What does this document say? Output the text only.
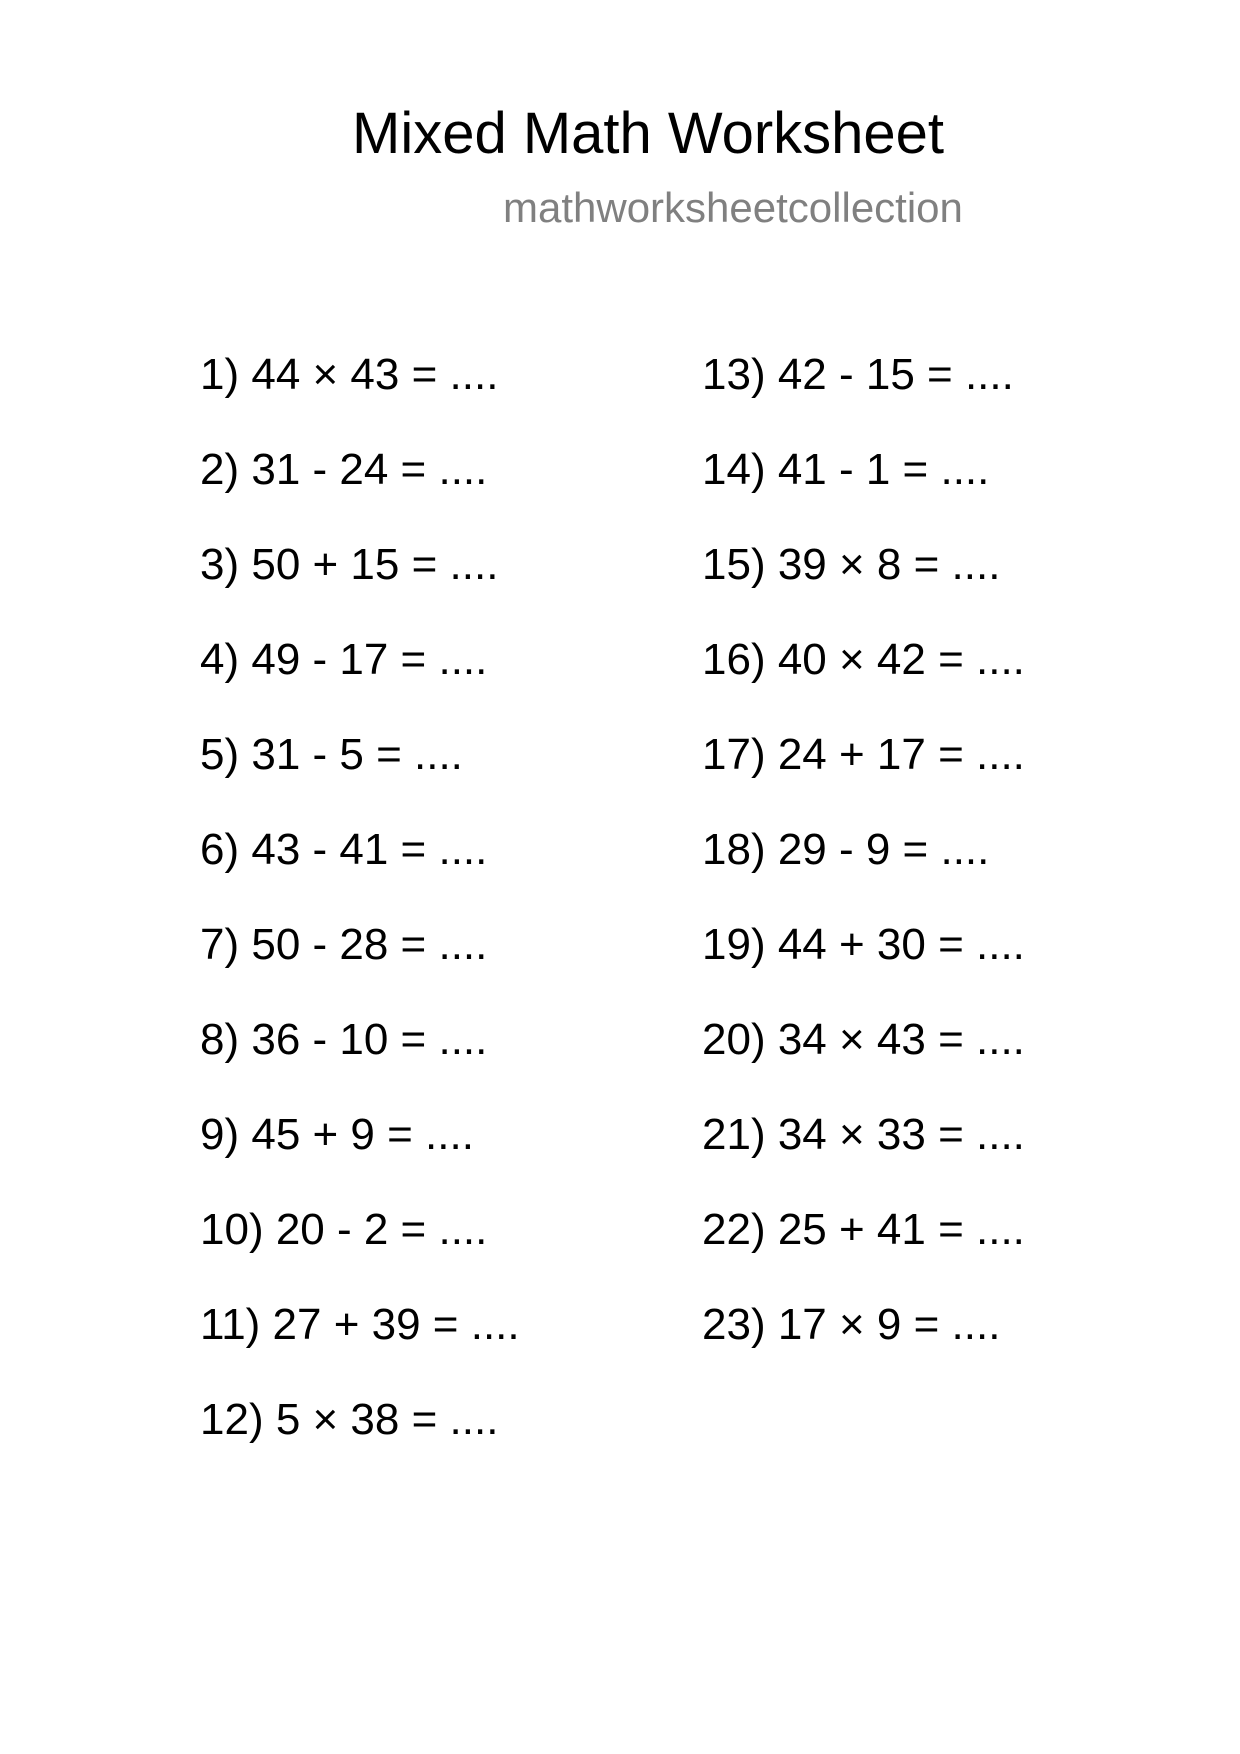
Mixed Math Worksheet
mathworksheetcollection
1) 44 × 43 = ....
2) 31 - 24 = ....
3) 50 + 15 = ....
4) 49 - 17 = ....
5) 31 - 5 = ....
6) 43 - 41 = ....
7) 50 - 28 = ....
8) 36 - 10 = ....
9) 45 + 9 = ....
10) 20 - 2 = ....
11) 27 + 39 = ....
12) 5 × 38 = ....
13) 42 - 15 = ....
14) 41 - 1 = ....
15) 39 × 8 = ....
16) 40 × 42 = ....
17) 24 + 17 = ....
18) 29 - 9 = ....
19) 44 + 30 = ....
20) 34 × 43 = ....
21) 34 × 33 = ....
22) 25 + 41 = ....
23) 17 × 9 = ....
